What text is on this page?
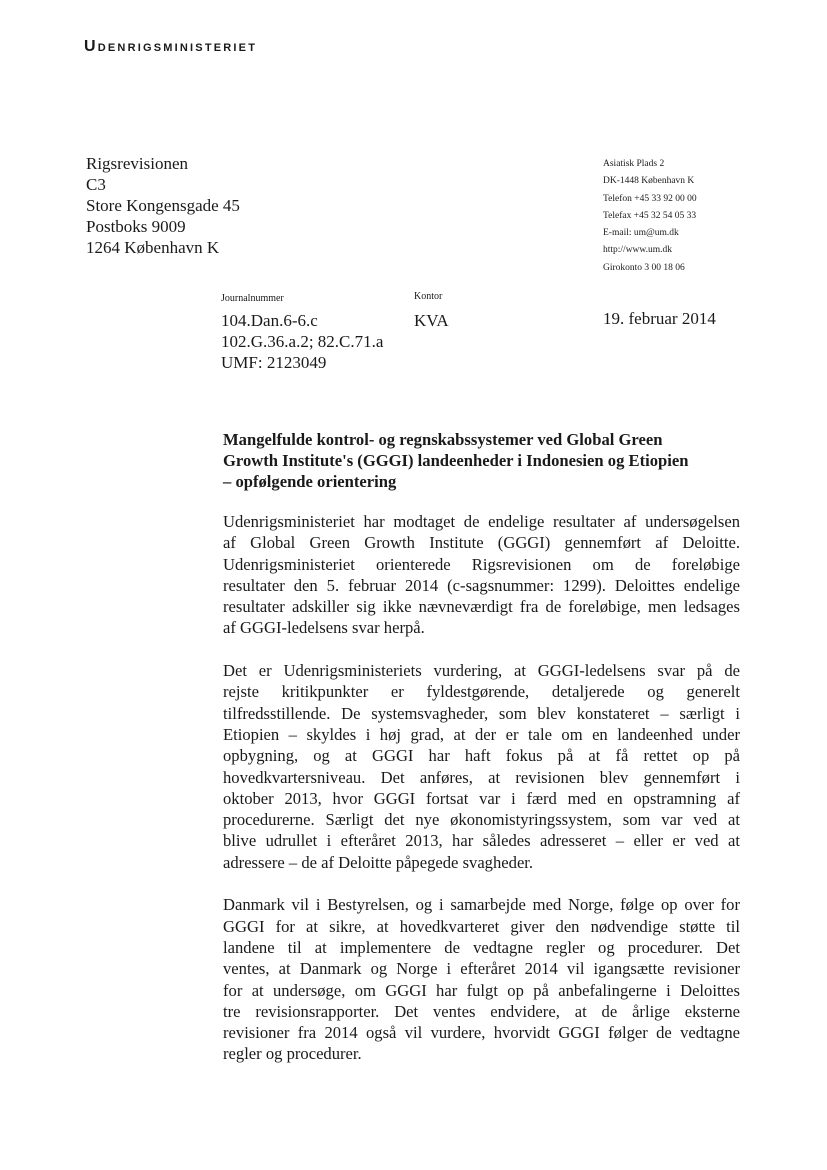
Udenrigsministeriet
Rigsrevisionen
C3
Store Kongensgade 45
Postboks 9009
1264 København K
Asiatisk Plads 2
DK-1448 København K
Telefon +45 33 92 00 00
Telefax +45 32 54 05 33
E-mail: um@um.dk
http://www.um.dk
Girokonto 3 00 18 06
Journalnummer
104.Dan.6-6.c
102.G.36.a.2; 82.C.71.a
UMF: 2123049
Kontor
KVA	19. februar 2014
Mangelfulde kontrol- og regnskabssystemer ved Global Green
Growth Institute's (GGGI) landeenheder i Indonesien og Etiopien
– opfølgende orientering

Udenrigsministeriet har modtaget de endelige resultater af undersøgelsen
af Global Green Growth Institute (GGGI) gennemført af Deloitte.
Udenrigsministeriet orienterede Rigsrevisionen om de foreløbige
resultater den 5. februar 2014 (c-sagsnummer: 1299). Deloittes endelige
resultater adskiller sig ikke nævneværdigt fra de foreløbige, men ledsages
af GGGI-ledelsens svar herpå.

Det er Udenrigsministeriets vurdering, at GGGI-ledelsens svar på de
rejste kritikpunkter er fyldestgørende, detaljerede og generelt
tilfredsstillende. De systemsvagheder, som blev konstateret – særligt i
Etiopien – skyldes i høj grad, at der er tale om en landeenhed under
opbygning, og at GGGI har haft fokus på at få rettet op på
hovedkvartersniveau. Det anføres, at revisionen blev gennemført i
oktober 2013, hvor GGGI fortsat var i færd med en opstramning af
procedurerne. Særligt det nye økonomistyringssystem, som var ved at
blive udrullet i efteråret 2013, har således adresseret – eller er ved at
adressere – de af Deloitte påpegede svagheder.

Danmark vil i Bestyrelsen, og i samarbejde med Norge, følge op over for
GGGI for at sikre, at hovedkvarteret giver den nødvendige støtte til
landene til at implementere de vedtagne regler og procedurer. Det
ventes, at Danmark og Norge i efteråret 2014 vil igangsætte revisioner
for at undersøge, om GGGI har fulgt op på anbefalingerne i Deloittes
tre revisionsrapporter. Det ventes endvidere, at de årlige eksterne
revisioner fra 2014 også vil vurdere, hvorvidt GGGI følger de vedtagne
regler og procedurer.
